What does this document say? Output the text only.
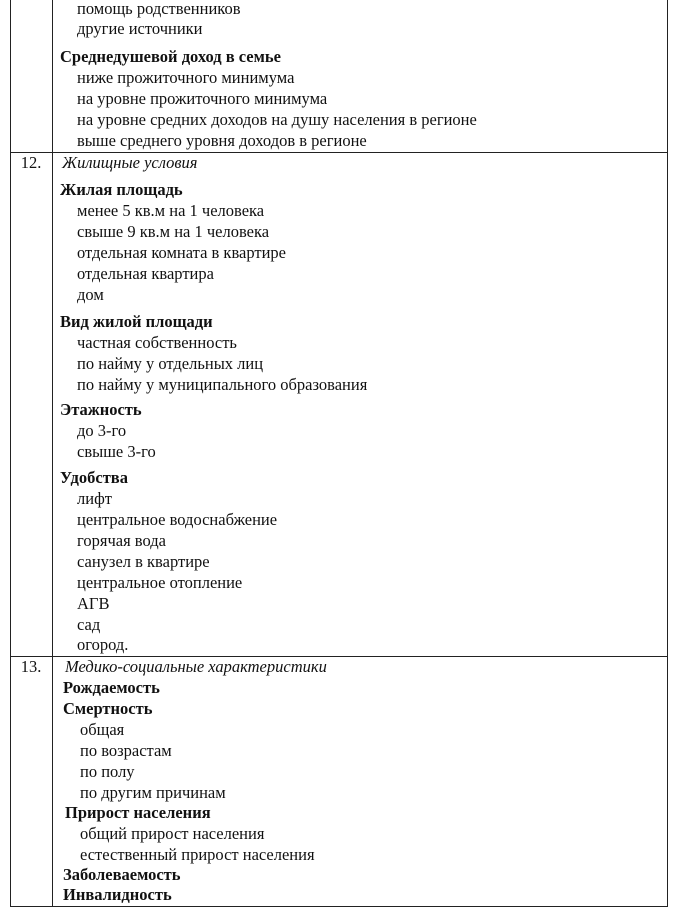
помощь родственников
другие источники
Среднедушевой доход в семье
ниже прожиточного минимума
на уровне прожиточного минимума
на уровне средних доходов на душу населения в регионе
выше среднего уровня доходов в регионе
12.	Жилищные условия
Жилая площадь
менее 5 кв.м на 1 человека
свыше 9 кв.м на 1 человека
отдельная комната в квартире
отдельная квартира
дом
Вид жилой площади
частная собственность
по найму у отдельных лиц
по найму у муниципального образования
Этажность
до 3-го
свыше 3-го
Удобства
лифт
центральное водоснабжение
горячая вода
санузел в квартире
центральное отопление
АГВ
сад
огород.
13.	Медико-социальные характеристики
Рождаемость
Смертность
общая
по возрастам
по полу
по другим причинам
Прирост населения
общий прирост населения
естественный прирост населения
Заболеваемость
Инвалидность
